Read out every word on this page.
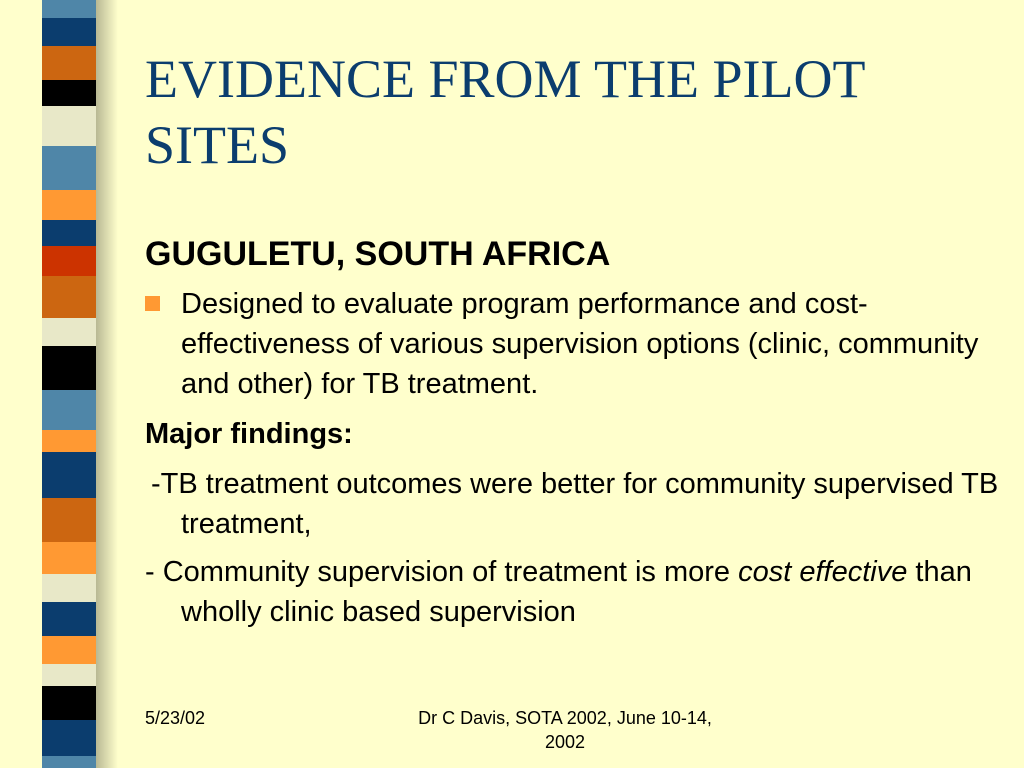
EVIDENCE FROM THE PILOT SITES
GUGULETU, SOUTH AFRICA
Designed to evaluate program performance and cost-effectiveness of various supervision options (clinic, community and other) for TB treatment.
Major findings:
-TB treatment outcomes were better for community supervised TB treatment,
- Community supervision of treatment is more cost effective than wholly clinic based supervision
5/23/02	Dr C Davis, SOTA 2002, June 10-14, 2002
